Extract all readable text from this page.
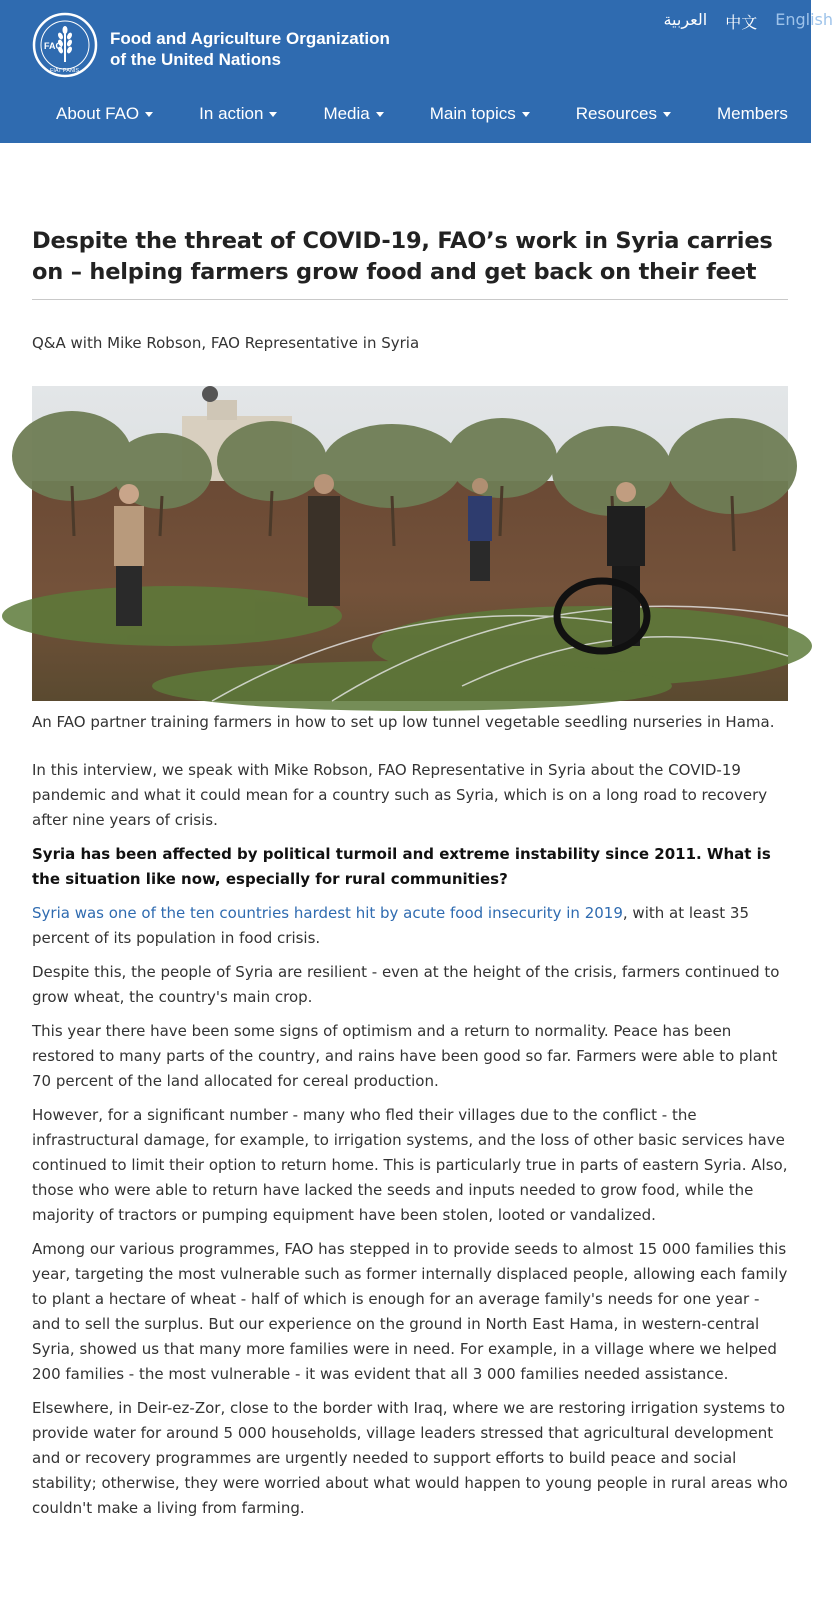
FAO
FIAT PANIS
Food and Agriculture Organization
of the United Nations
العربية 中文 English
About FAO	In action	Media	Main topics	Resources	Members
Despite the threat of COVID-19, FAO’s work in Syria carries on – helping farmers grow food and get back on their feet
Q&A with Mike Robson, FAO Representative in Syria
An FAO partner training farmers in how to set up low tunnel vegetable seedling nurseries in Hama.

In this interview, we speak with Mike Robson, FAO Representative in Syria about the COVID-19 pandemic and what it could mean for a country such as Syria, which is on a long road to recovery after nine years of crisis.

Syria has been affected by political turmoil and extreme instability since 2011. What is the situation like now, especially for rural communities?

Syria was one of the ten countries hardest hit by acute food insecurity in 2019, with at least 35 percent of its population in food crisis.

Despite this, the people of Syria are resilient - even at the height of the crisis, farmers continued to grow wheat, the country's main crop.

This year there have been some signs of optimism and a return to normality. Peace has been restored to many parts of the country, and rains have been good so far. Farmers were able to plant 70 percent of the land allocated for cereal production.

However, for a significant number - many who fled their villages due to the conflict - the infrastructural damage, for example, to irrigation systems, and the loss of other basic services have continued to limit their option to return home. This is particularly true in parts of eastern Syria. Also, those who were able to return have lacked the seeds and inputs needed to grow food, while the majority of tractors or pumping equipment have been stolen, looted or vandalized.

Among our various programmes, FAO has stepped in to provide seeds to almost 15 000 families this year, targeting the most vulnerable such as former internally displaced people, allowing each family to plant a hectare of wheat - half of which is enough for an average family's needs for one year - and to sell the surplus. But our experience on the ground in North East Hama, in western-central Syria, showed us that many more families were in need. For example, in a village where we helped 200 families - the most vulnerable - it was evident that all 3 000 families needed assistance.

Elsewhere, in Deir-ez-Zor, close to the border with Iraq, where we are restoring irrigation systems to provide water for around 5 000 households, village leaders stressed that agricultural development and or recovery programmes are urgently needed to support efforts to build peace and social stability; otherwise, they were worried about what would happen to young people in rural areas who couldn't make a living from farming.
